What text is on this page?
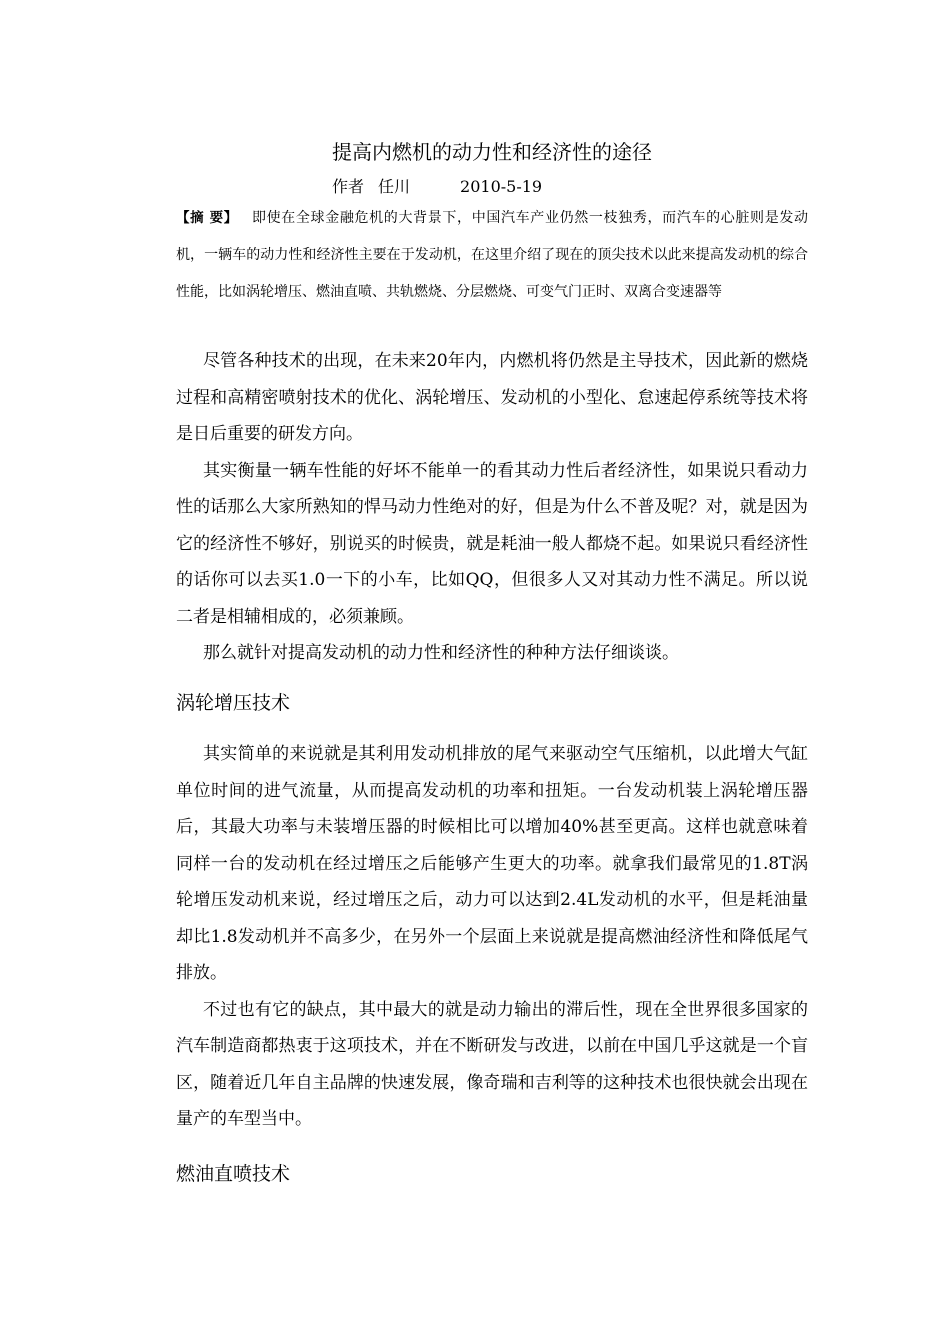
提高内燃机的动力性和经济性的途径
作者 任川	2010-5-19
【摘 要】 即使在全球金融危机的大背景下，中国汽车产业仍然一枝独秀，而汽车的心脏则是发动机，一辆车的动力性和经济性主要在于发动机，在这里介绍了现在的顶尖技术以此来提高发动机的综合性能，比如涡轮增压、燃油直喷、共轨燃烧、分层燃烧、可变气门正时、双离合变速器等

尽管各种技术的出现，在未来20年内，内燃机将仍然是主导技术，因此新的燃烧过程和高精密喷射技术的优化、涡轮增压、发动机的小型化、怠速起停系统等技术将是日后重要的研发方向。

其实衡量一辆车性能的好坏不能单一的看其动力性后者经济性，如果说只看动力性的话那么大家所熟知的悍马动力性绝对的好，但是为什么不普及呢？对，就是因为它的经济性不够好，别说买的时候贵，就是耗油一般人都烧不起。如果说只看经济性的话你可以去买1.0一下的小车，比如QQ，但很多人又对其动力性不满足。所以说二者是相辅相成的，必须兼顾。

那么就针对提高发动机的动力性和经济性的种种方法仔细谈谈。

涡轮增压技术

其实简单的来说就是其利用发动机排放的尾气来驱动空气压缩机，以此增大气缸单位时间的进气流量，从而提高发动机的功率和扭矩。一台发动机装上涡轮增压器后，其最大功率与未装增压器的时候相比可以增加40%甚至更高。这样也就意味着同样一台的发动机在经过增压之后能够产生更大的功率。就拿我们最常见的1.8T涡轮增压发动机来说，经过增压之后，动力可以达到2.4L发动机的水平，但是耗油量却比1.8发动机并不高多少，在另外一个层面上来说就是提高燃油经济性和降低尾气排放。

不过也有它的缺点，其中最大的就是动力输出的滞后性，现在全世界很多国家的汽车制造商都热衷于这项技术，并在不断研发与改进，以前在中国几乎这就是一个盲区，随着近几年自主品牌的快速发展，像奇瑞和吉利等的这种技术也很快就会出现在量产的车型当中。

燃油直喷技术
